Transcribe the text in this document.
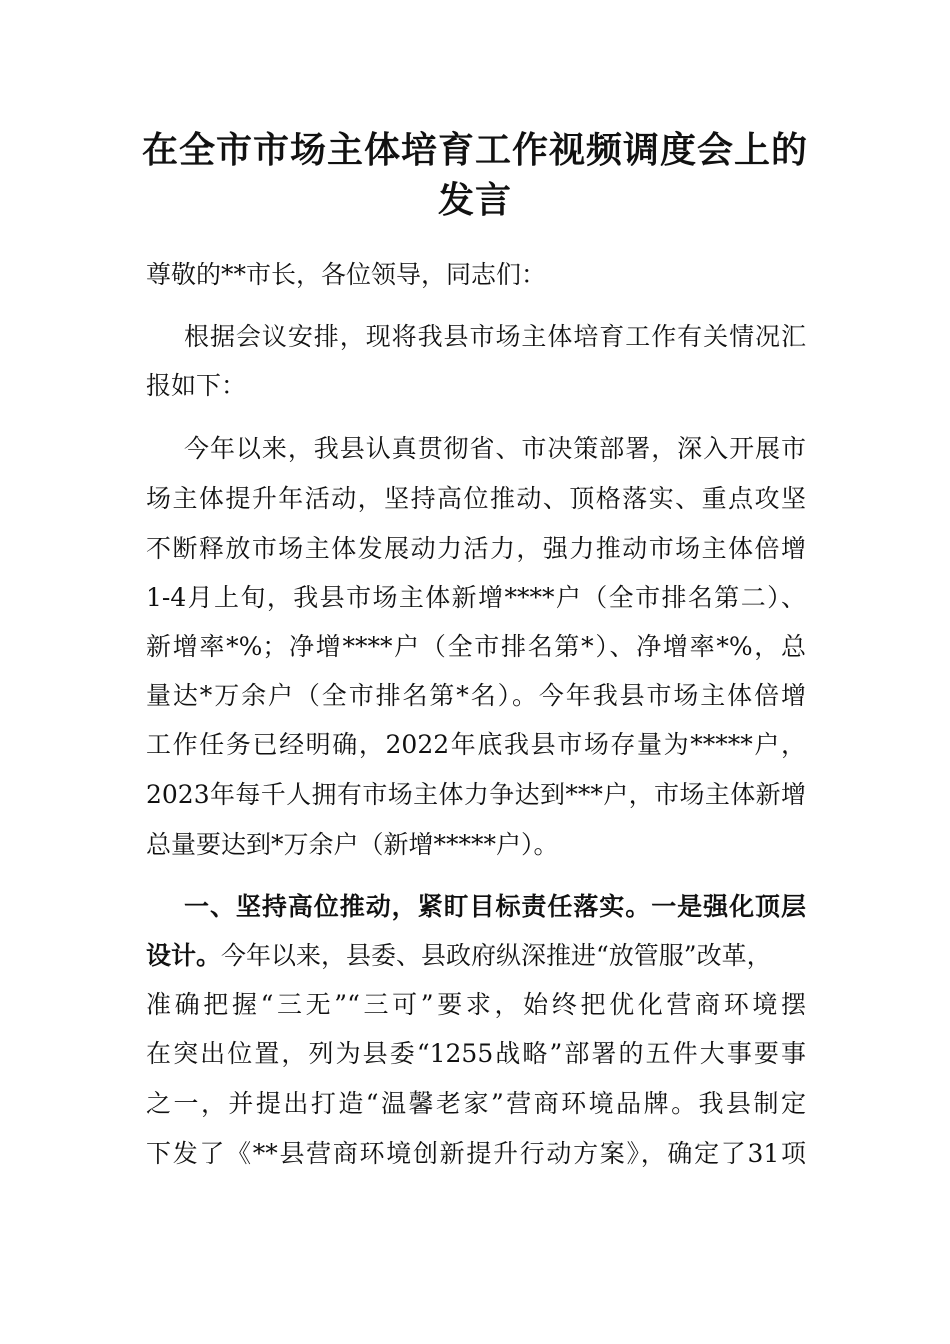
在全市市场主体培育工作视频调度会上的
发言
尊敬的**市长，各位领导，同志们：
根据会议安排，现将我县市场主体培育工作有关情况汇
报如下：
今年以来，我县认真贯彻省、市决策部署，深入开展市
场主体提升年活动，坚持高位推动、顶格落实、重点攻坚
不断释放市场主体发展动力活力，强力推动市场主体倍增
1-4月上旬，我县市场主体新增****户（全市排名第二）、
新增率*%；净增****户（全市排名第*）、净增率*%，总
量达*万余户（全市排名第*名）。今年我县市场主体倍增
工作任务已经明确，2022年底我县市场存量为*****户，
2023年每千人拥有市场主体力争达到***户，市场主体新增
总量要达到*万余户（新增*****户）。
一、坚持高位推动，紧盯目标责任落实。一是强化顶层
设计。今年以来，县委、县政府纵深推进“放管服”改革，
准确把握“三无”“三可”要求，始终把优化营商环境摆
在突出位置，列为县委“1255战略”部署的五件大事要事
之一，并提出打造“温馨老家”营商环境品牌。我县制定
下发了《**县营商环境创新提升行动方案》，确定了31项
